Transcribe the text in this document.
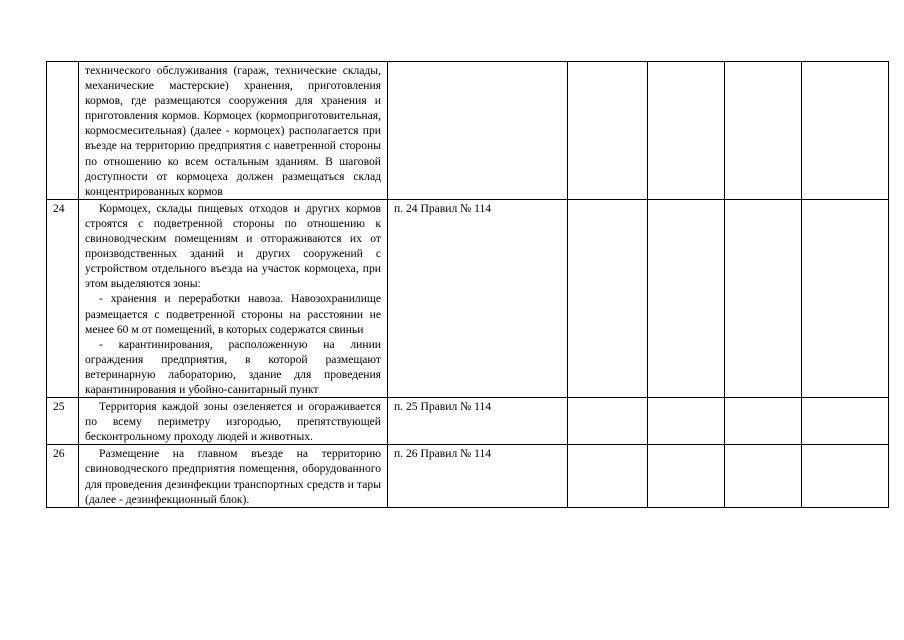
	технического обслуживания (гараж, технические склады, механические мастерские) хранения, приготовления кормов, где размещаются сооружения для хранения и приготовления кормов. Кормоцех (кормоприготовительная, кормосмесительная) (далее - кормоцех) располагается при въезде на территорию предприятия с наветренной стороны по отношению ко всем остальным зданиям. В шаговой доступности от кормоцеха должен размещаться склад концентрированных кормов					

24	Кормоцех, склады пищевых отходов и других кормов строятся с подветренной стороны по отношению к свиноводческим помещениям и отгораживаются их от производственных зданий и других сооружений с устройством отдельного въезда на участок кормоцеха, при этом выделяются зоны:
- хранения и переработки навоза. Навозохранилище размещается с подветренной стороны на расстоянии не менее 60 м от помещений, в которых содержатся свиньи
- карантинирования, расположенную на линии ограждения предприятия, в которой размещают ветеринарную лабораторию, здание для проведения карантинирования и убойно-санитарный пункт	п. 24 Правил № 114				
25	Территория каждой зоны озеленяется и огораживается по всему периметру изгородью, препятствующей бесконтрольному проходу людей и животных.	п. 25 Правил № 114				
26	Размещение на главном въезде на территорию свиноводческого предприятия помещения, оборудованного для проведения дезинфекции транспортных средств и тары (далее - дезинфекционный блок).	п. 26 Правил № 114				
